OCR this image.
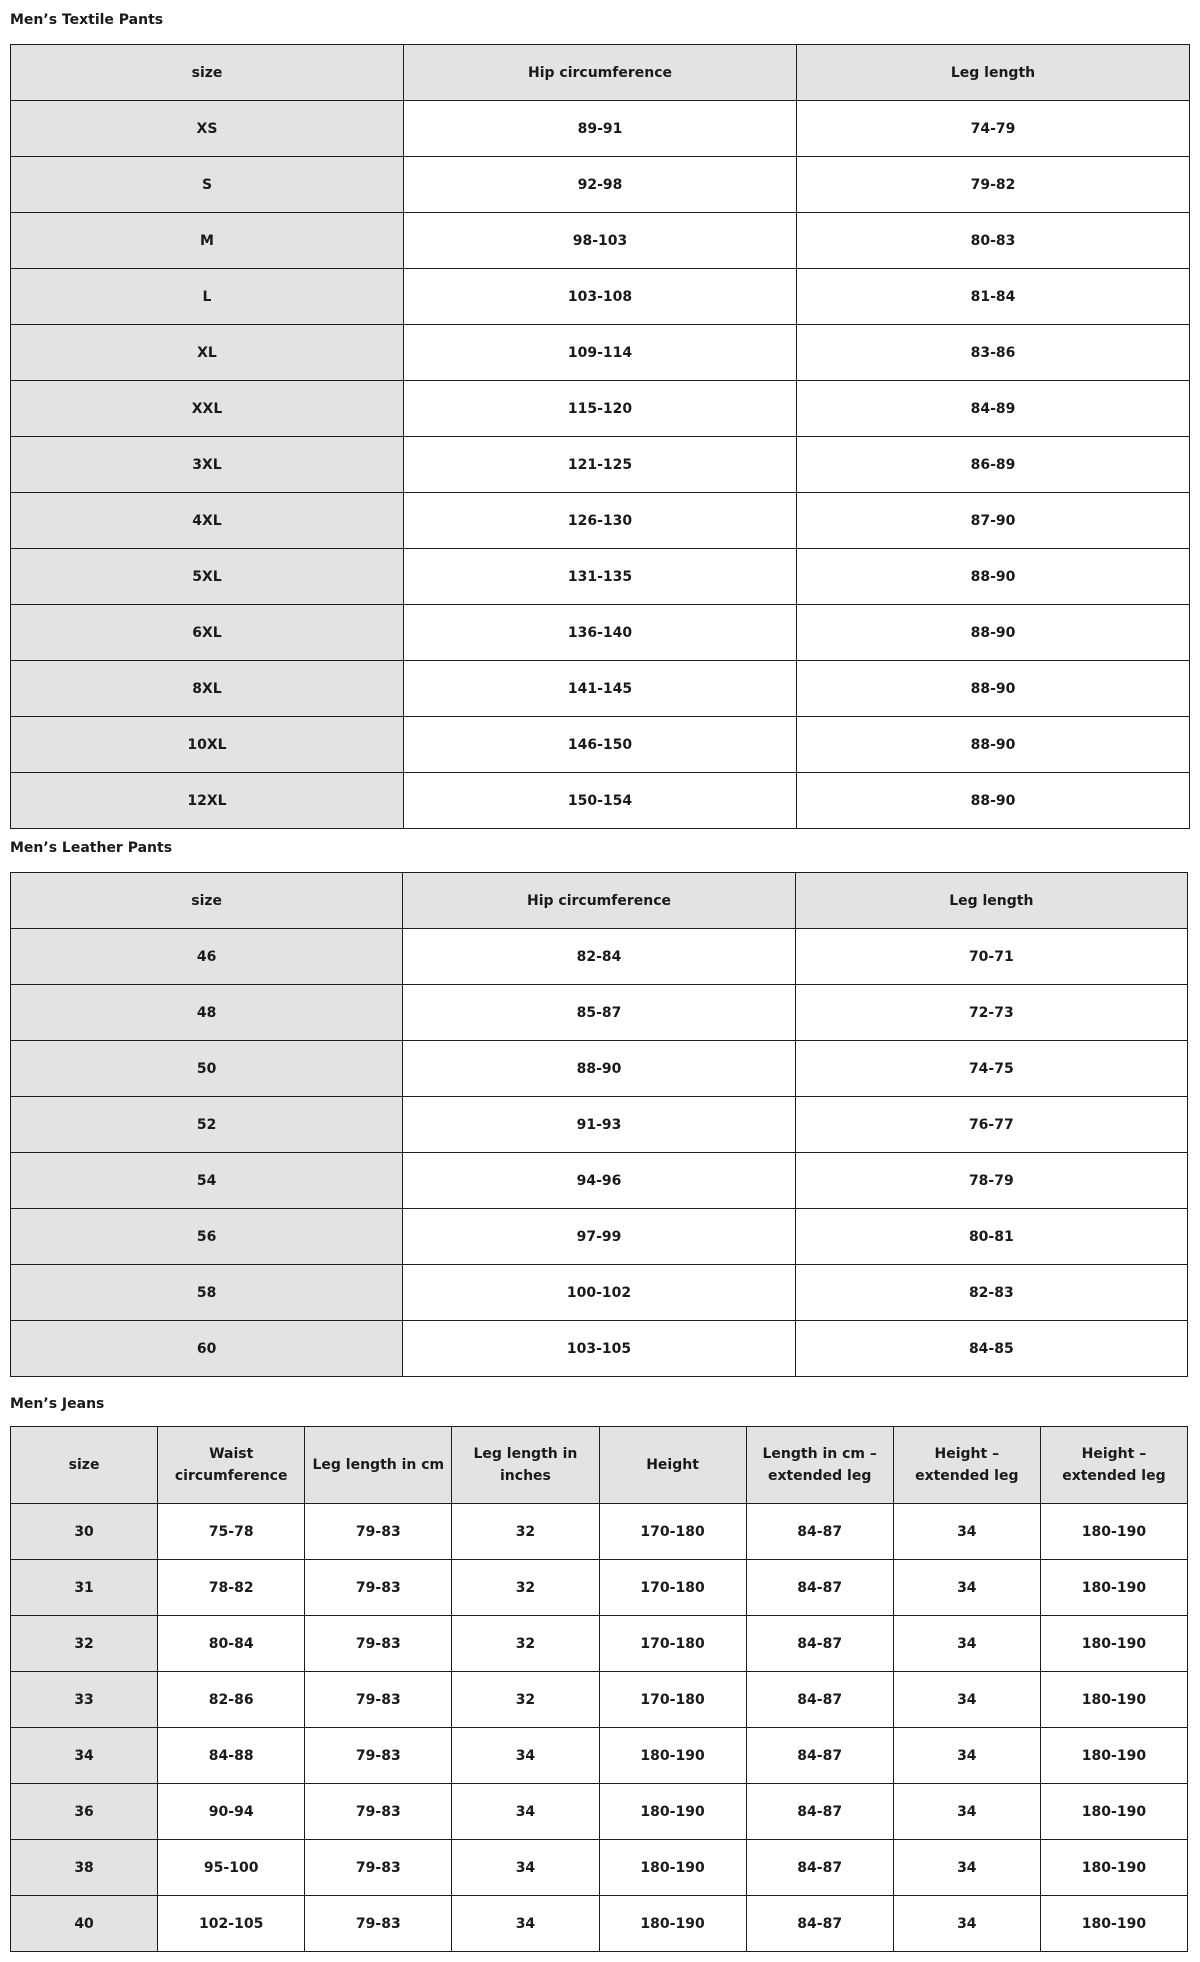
Men’s Textile Pants
size	Hip circumference	Leg length
XS	89-91	74-79
S	92-98	79-82
M	98-103	80-83
L	103-108	81-84
XL	109-114	83-86
XXL	115-120	84-89
3XL	121-125	86-89
4XL	126-130	87-90
5XL	131-135	88-90
6XL	136-140	88-90
8XL	141-145	88-90
10XL	146-150	88-90
12XL	150-154	88-90
Men’s Leather Pants
size	Hip circumference	Leg length
46	82-84	70-71
48	85-87	72-73
50	88-90	74-75
52	91-93	76-77
54	94-96	78-79
56	97-99	80-81
58	100-102	82-83
60	103-105	84-85
Men’s Jeans
size	Waist circumference	Leg length in cm	Leg length in inches	Height	Length in cm – extended leg	Height – extended leg	Height – extended leg
30	75-78	79-83	32	170-180	84-87	34	180-190
31	78-82	79-83	32	170-180	84-87	34	180-190
32	80-84	79-83	32	170-180	84-87	34	180-190
33	82-86	79-83	32	170-180	84-87	34	180-190
34	84-88	79-83	34	180-190	84-87	34	180-190
36	90-94	79-83	34	180-190	84-87	34	180-190
38	95-100	79-83	34	180-190	84-87	34	180-190
40	102-105	79-83	34	180-190	84-87	34	180-190
